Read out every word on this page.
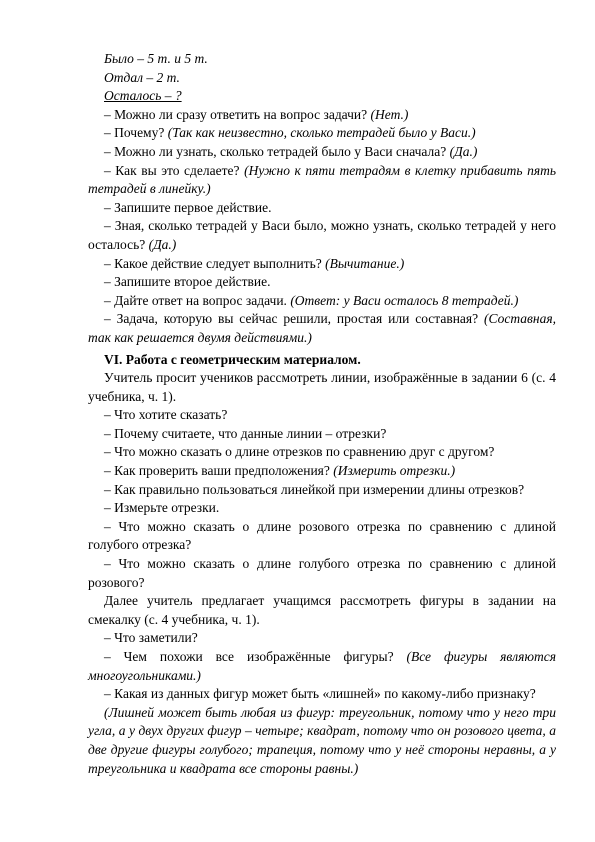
Было – 5 т. и 5 т.

Отдал – 2 т.

Осталось – ?

– Можно ли сразу ответить на вопрос задачи? (Нет.)

– Почему? (Так как неизвестно, сколько тетрадей было у Васи.)

– Можно ли узнать, сколько тетрадей было у Васи сначала? (Да.)

– Как вы это сделаете? (Нужно к пяти тетрадям в клетку прибавить пять тетрадей в линейку.)

– Запишите первое действие.

– Зная, сколько тетрадей у Васи было, можно узнать, сколько тетрадей у него осталось? (Да.)

– Какое действие следует выполнить? (Вычитание.)

– Запишите второе действие.

– Дайте ответ на вопрос задачи. (Ответ: у Васи осталось 8 тетрадей.)

– Задача, которую вы сейчас решили, простая или составная? (Составная, так как решается двумя действиями.)

VI. Работа с геометрическим материалом.

Учитель просит учеников рассмотреть линии, изображённые в задании 6 (с. 4 учебника, ч. 1).

– Что хотите сказать?

– Почему считаете, что данные линии – отрезки?

– Что можно сказать о длине отрезков по сравнению друг с другом?

– Как проверить ваши предположения? (Измерить отрезки.)

– Как правильно пользоваться линейкой при измерении длины отрезков?

– Измерьте отрезки.

– Что можно сказать о длине розового отрезка по сравнению с длиной голубого отрезка?

– Что можно сказать о длине голубого отрезка по сравнению с длиной розового?

Далее учитель предлагает учащимся рассмотреть фигуры в задании на смекалку (с. 4 учебника, ч. 1).

– Что заметили?

– Чем похожи все изображённые фигуры? (Все фигуры являются многоугольниками.)

– Какая из данных фигур может быть «лишней» по какому-либо признаку?

(Лишней может быть любая из фигур: треугольник, потому что у него три угла, а у двух других фигур – четыре; квадрат, потому что он розового цвета, а две другие фигуры голубого; трапеция, потому что у неё стороны неравны, а у треугольника и квадрата все стороны равны.)
